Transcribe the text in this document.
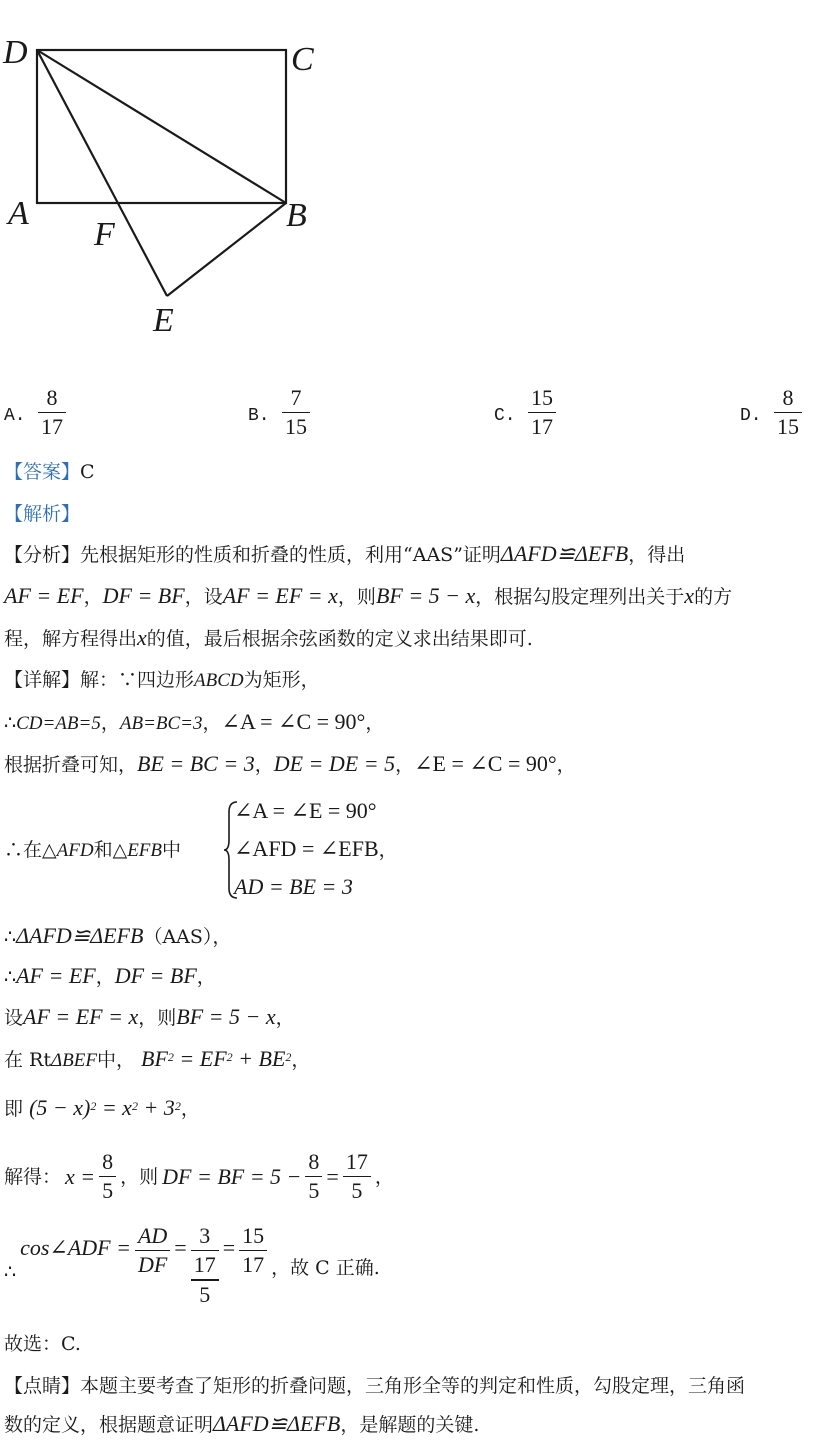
D	C
A	B
F
E
A.
8
17	B.
7
15	C.
15
17	D.
8
15
【答案】C
【解析】
【分析】先根据矩形的性质和折叠的性质，利用“AAS”证明ΔAFD≌ΔEFB，得出
AF = EF，DF = BF，设AF = EF = x，则BF = 5 − x，根据勾股定理列出关于x的方
程，解方程得出x的值，最后根据余弦函数的定义求出结果即可.
【详解】解：∵四边形ABCD为矩形，
∴CD=AB=5，AB=BC=3，∠A = ∠C = 90°，
根据折叠可知，BE = BC = 3，DE = DE = 5，∠E = ∠C = 90°，
∴在△AFD和△EFB中
∠A = ∠E = 90°
∠AFD = ∠EFB，
AD = BE = 3
∴ΔAFD≌ΔEFB（AAS），
∴AF = EF，DF = BF，
设AF = EF = x，则BF = 5 − x，
在 RtΔBEF中， $BF^2 = EF^2 + BE^2$，
即 $(5 - x)^2 = x^2 + 3^2$，
解得： $x = \frac{8}{5}$ ，则 DF = BF = $5 - \frac{8}{5} = \frac{17}{5}$ ，
∴
cos∠ADF = $\frac{AD}{DF} = \frac{3}{\frac{17}{5}} = \frac{15}{17}$ ，故 C 正确.
故选：C.
【点睛】本题主要考查了矩形的折叠问题，三角形全等的判定和性质，勾股定理，三角函
数的定义，根据题意证明ΔAFD≌ΔEFB，是解题的关键.
